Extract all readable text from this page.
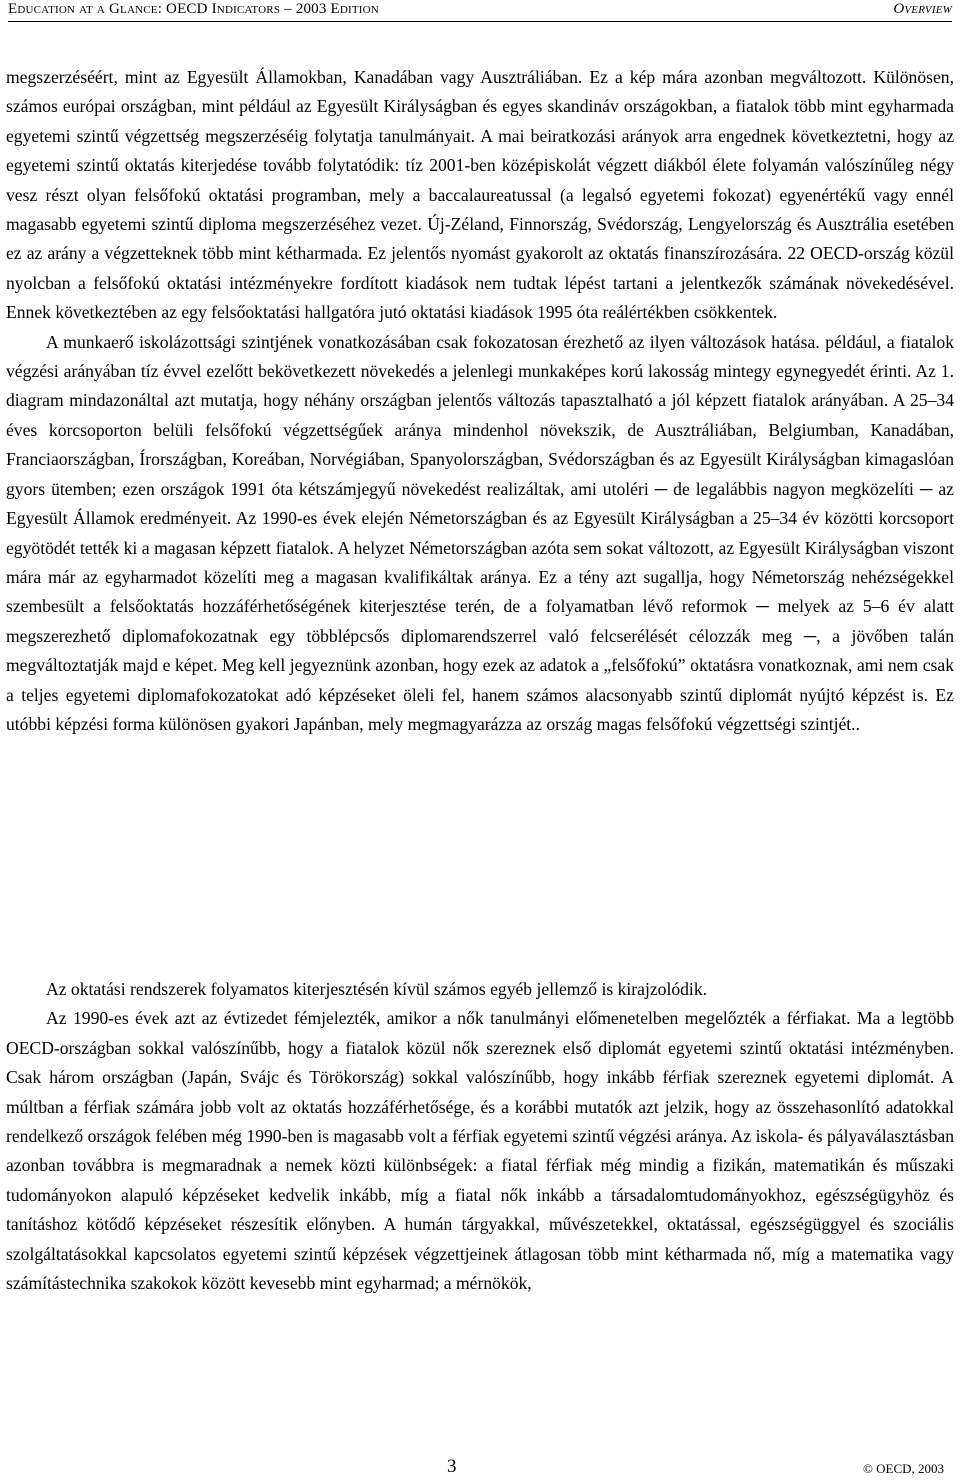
Education at a Glance: OECD Indicators – 2003 Edition	Overview

megszerzéséért, mint az Egyesült Államokban, Kanadában vagy Ausztráliában. Ez a kép mára azonban megváltozott. Különösen, számos európai országban, mint például az Egyesült Királyságban és egyes skandináv országokban, a fiatalok több mint egyharmada egyetemi szintű végzettség megszerzéséig folytatja tanulmányait. A mai beiratkozási arányok arra engednek következtetni, hogy az egyetemi szintű oktatás kiterjedése tovább folytatódik: tíz 2001-ben középiskolát végzett diákból élete folyamán valószínűleg négy vesz részt olyan felsőfokú oktatási programban, mely a baccalaureatussal (a legalsó egyetemi fokozat) egyenértékű vagy ennél magasabb egyetemi szintű diploma megszerzéséhez vezet. Új-Zéland, Finnország, Svédország, Lengyelország és Ausztrália esetében ez az arány a végzetteknek több mint kétharmada. Ez jelentős nyomást gyakorolt az oktatás finanszírozására. 22 OECD-ország közül nyolcban a felsőfokú oktatási intézményekre fordított kiadások nem tudtak lépést tartani a jelentkezők számának növekedésével. Ennek következtében az egy felsőoktatási hallgatóra jutó oktatási kiadások 1995 óta reálértékben csökkentek.

A munkaerő iskolázottsági szintjének vonatkozásában csak fokozatosan érezhető az ilyen változások hatása. például, a fiatalok végzési arányában tíz évvel ezelőtt bekövetkezett növekedés a jelenlegi munkaképes korú lakosság mintegy egynegyedét érinti. Az 1. diagram mindazonáltal azt mutatja, hogy néhány országban jelentős változás tapasztalható a jól képzett fiatalok arányában. A 25–34 éves korcsoporton belüli felsőfokú végzettségűek aránya mindenhol növekszik, de Ausztráliában, Belgiumban, Kanadában, Franciaországban, Írországban, Koreában, Norvégiában, Spanyolországban, Svédországban és az Egyesült Királyságban kimagaslóan gyors ütemben; ezen országok 1991 óta kétszámjegyű növekedést realizáltak, ami utoléri ─ de legalábbis nagyon megközelíti ─ az Egyesült Államok eredményeit. Az 1990-es évek elején Németországban és az Egyesült Királyságban a 25–34 év közötti korcsoport egyötödét tették ki a magasan képzett fiatalok. A helyzet Németországban azóta sem sokat változott, az Egyesült Királyságban viszont mára már az egyharmadot közelíti meg a magasan kvalifikáltak aránya. Ez a tény azt sugallja, hogy Németország nehézségekkel szembesült a felsőoktatás hozzáférhetőségének kiterjesztése terén, de a folyamatban lévő reformok ─ melyek az 5–6 év alatt megszerezhető diplomafokozatnak egy többlépcsős diplomarendszerrel való felcserélését célozzák meg ─, a jövőben talán megváltoztatják majd e képet. Meg kell jegyeznünk azonban, hogy ezek az adatok a „felsőfokú” oktatásra vonatkoznak, ami nem csak a teljes egyetemi diplomafokozatokat adó képzéseket öleli fel, hanem számos alacsonyabb szintű diplomát nyújtó képzést is. Ez utóbbi képzési forma különösen gyakori Japánban, mely megmagyarázza az ország magas felsőfokú végzettségi szintjét..

Az oktatási rendszerek folyamatos kiterjesztésén kívül számos egyéb jellemző is kirajzolódik.

Az 1990-es évek azt az évtizedet fémjelezték, amikor a nők tanulmányi előmenetelben megelőzték a férfiakat. Ma a legtöbb OECD-országban sokkal valószínűbb, hogy a fiatalok közül nők szereznek első diplomát egyetemi szintű oktatási intézményben. Csak három országban (Japán, Svájc és Törökország) sokkal valószínűbb, hogy inkább férfiak szereznek egyetemi diplomát. A múltban a férfiak számára jobb volt az oktatás hozzáférhetősége, és a korábbi mutatók azt jelzik, hogy az összehasonlító adatokkal rendelkező országok felében még 1990-ben is magasabb volt a férfiak egyetemi szintű végzési aránya. Az iskola- és pályaválasztásban azonban továbbra is megmaradnak a nemek közti különbségek: a fiatal férfiak még mindig a fizikán, matematikán és műszaki tudományokon alapuló képzéseket kedvelik inkább, míg a fiatal nők inkább a társadalomtudományokhoz, egészségügyhöz és tanításhoz kötődő képzéseket részesítik előnyben. A humán tárgyakkal, művészetekkel, oktatással, egészségüggyel és szociális szolgáltatásokkal kapcsolatos egyetemi szintű képzések végzettjeinek átlagosan több mint kétharmada nő, míg a matematika vagy számítástechnika szakokok között kevesebb mint egyharmad; a mérnökök,

3	© OECD, 2003
